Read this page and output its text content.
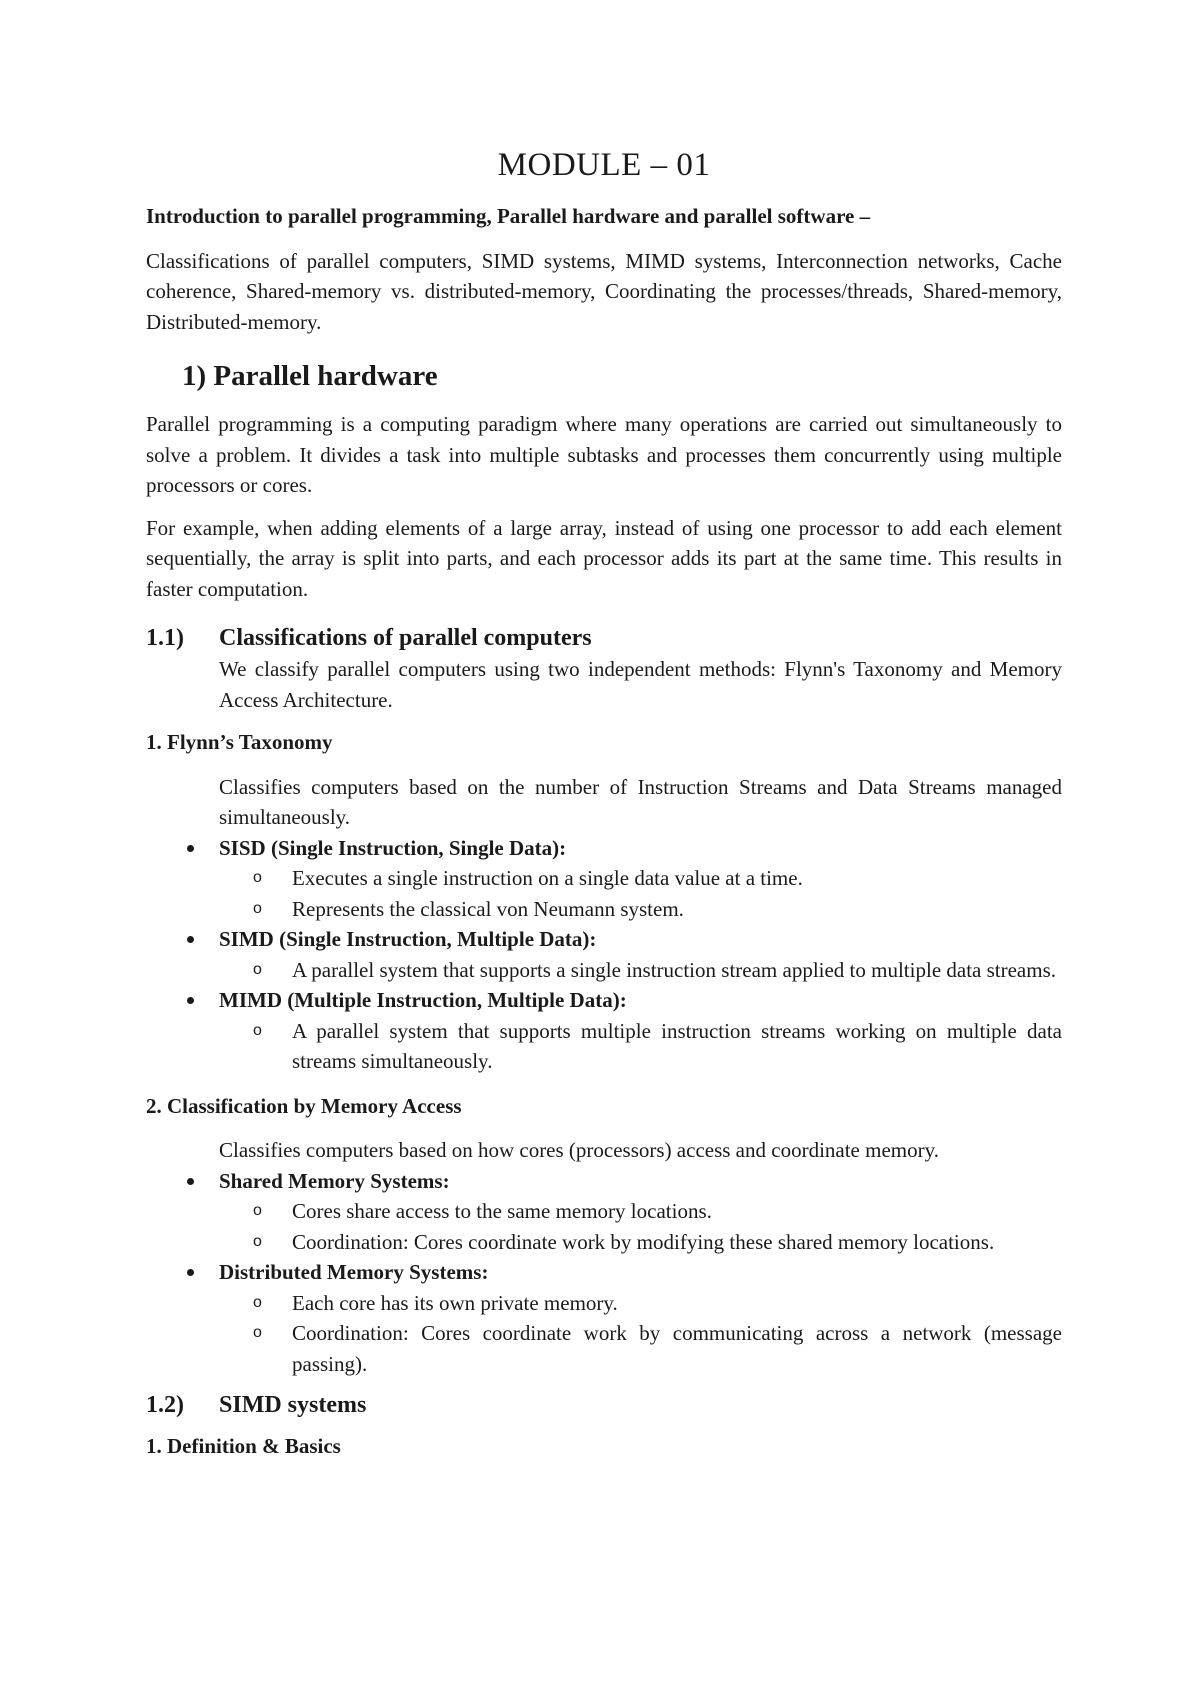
MODULE – 01
Introduction to parallel programming, Parallel hardware and parallel software –

Classifications of parallel computers, SIMD systems, MIMD systems, Interconnection networks, Cache coherence, Shared-memory vs. distributed-memory, Coordinating the processes/threads, Shared-memory, Distributed-memory.

1) Parallel hardware

Parallel programming is a computing paradigm where many operations are carried out simultaneously to solve a problem. It divides a task into multiple subtasks and processes them concurrently using multiple processors or cores.

For example, when adding elements of a large array, instead of using one processor to add each element sequentially, the array is split into parts, and each processor adds its part at the same time. This results in faster computation.

1.1)	Classifications of parallel computers

We classify parallel computers using two independent methods: Flynn's Taxonomy and Memory Access Architecture.

1. Flynn’s Taxonomy

Classifies computers based on the number of Instruction Streams and Data Streams managed simultaneously.

SISD (Single Instruction, Single Data):
o Executes a single instruction on a single data value at a time.
o Represents the classical von Neumann system.
SIMD (Single Instruction, Multiple Data):
o A parallel system that supports a single instruction stream applied to multiple data streams.
MIMD (Multiple Instruction, Multiple Data):
o A parallel system that supports multiple instruction streams working on multiple data streams simultaneously.
2. Classification by Memory Access

Classifies computers based on how cores (processors) access and coordinate memory.

Shared Memory Systems:
o Cores share access to the same memory locations.
o Coordination: Cores coordinate work by modifying these shared memory locations.
Distributed Memory Systems:
o Each core has its own private memory.
o Coordination: Cores coordinate work by communicating across a network (message passing).
1.2)	SIMD systems
1. Definition & Basics
